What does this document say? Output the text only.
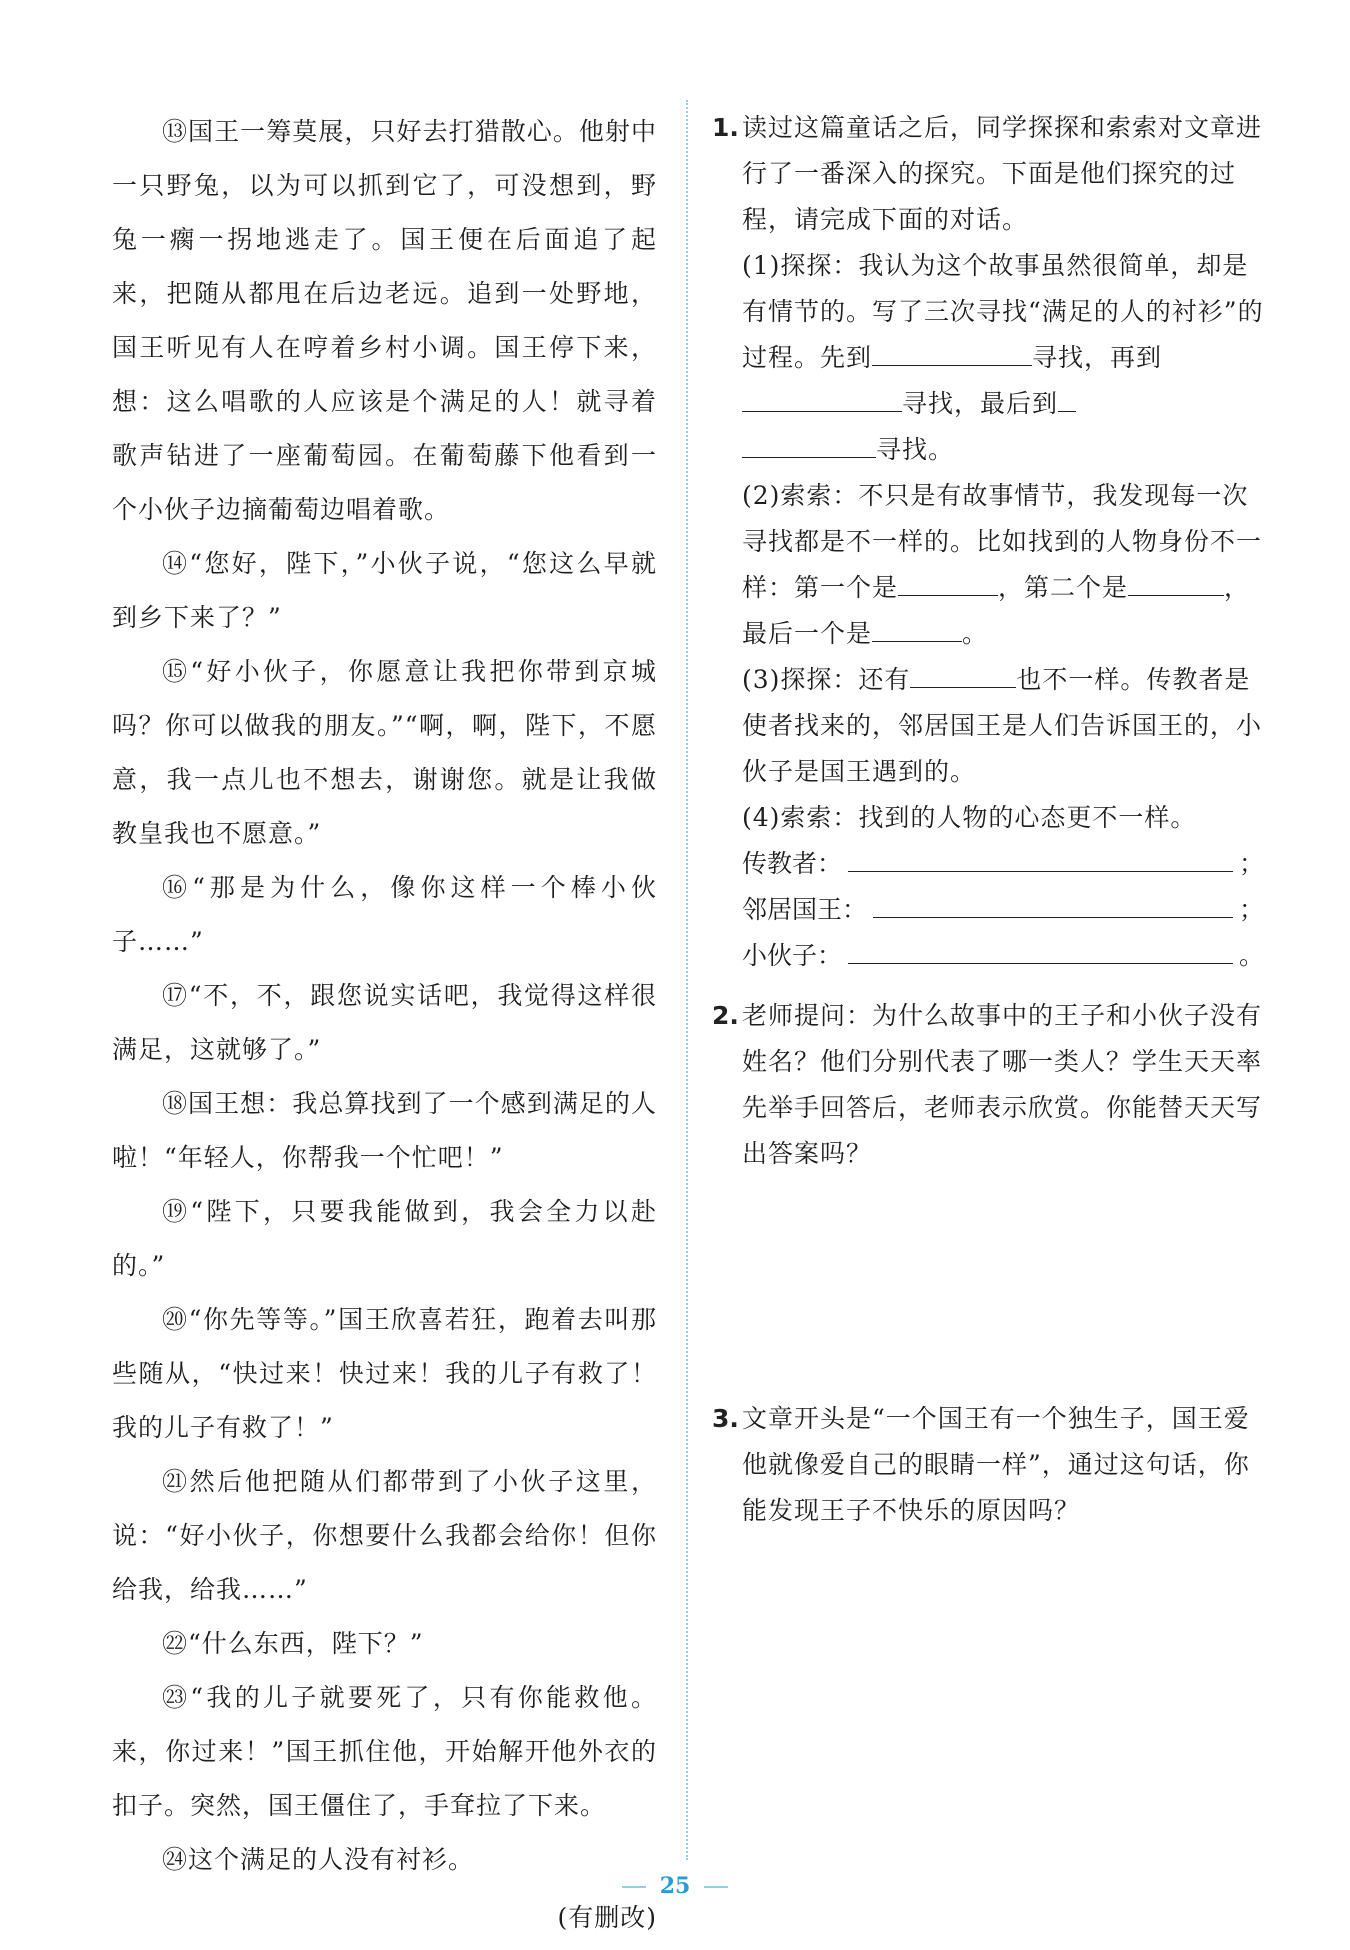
⑬国王一筹莫展，只好去打猎散心。他射中一只野兔，以为可以抓到它了，可没想到，野兔一瘸一拐地逃走了。国王便在后面追了起来，把随从都甩在后边老远。追到一处野地，国王听见有人在哼着乡村小调。国王停下来，想：这么唱歌的人应该是个满足的人！就寻着歌声钻进了一座葡萄园。在葡萄藤下他看到一个小伙子边摘葡萄边唱着歌。

⑭“您好，陛下，”小伙子说，“您这么早就到乡下来了？”

⑮“好小伙子，你愿意让我把你带到京城吗？你可以做我的朋友。”“啊，啊，陛下，不愿意，我一点儿也不想去，谢谢您。就是让我做教皇我也不愿意。”

⑯“那是为什么，像你这样一个棒小伙子……”

⑰“不，不，跟您说实话吧，我觉得这样很满足，这就够了。”

⑱国王想：我总算找到了一个感到满足的人啦！“年轻人，你帮我一个忙吧！”

⑲“陛下，只要我能做到，我会全力以赴的。”

⑳“你先等等。”国王欣喜若狂，跑着去叫那些随从，“快过来！快过来！我的儿子有救了！我的儿子有救了！”

㉑然后他把随从们都带到了小伙子这里，说：“好小伙子，你想要什么我都会给你！但你给我，给我……”

㉒“什么东西，陛下？”

㉓“我的儿子就要死了，只有你能救他。来，你过来！”国王抓住他，开始解开他外衣的扣子。突然，国王僵住了，手耷拉了下来。

㉔这个满足的人没有衬衫。

(有删改)

1. 读过这篇童话之后，同学探探和索索对文章进行了一番深入的探究。下面是他们探究的过程，请完成下面的对话。

(1)探探：我认为这个故事虽然很简单，却是有情节的。写了三次寻找“满足的人的衬衫”的过程。先到	寻找，再到寻找，最后到
寻找。

(2)索索：不只是有故事情节，我发现每一次寻找都是不一样的。比如找到的人物身份不一样：第一个是	，第二个是	，
最后一个是	。

(3)探探：还有	也不一样。传教者是使者找来的，邻居国王是人们告诉国王的，小伙子是国王遇到的。

(4)索索：找到的人物的心态更不一样。

传教者：	；

邻居国王：	；

小伙子：	。

2. 老师提问：为什么故事中的王子和小伙子没有姓名？他们分别代表了哪一类人？学生天天率先举手回答后，老师表示欣赏。你能替天天写出答案吗？

3. 文章开头是“一个国王有一个独生子，国王爱他就像爱自己的眼睛一样”，通过这句话，你能发现王子不快乐的原因吗？

25
